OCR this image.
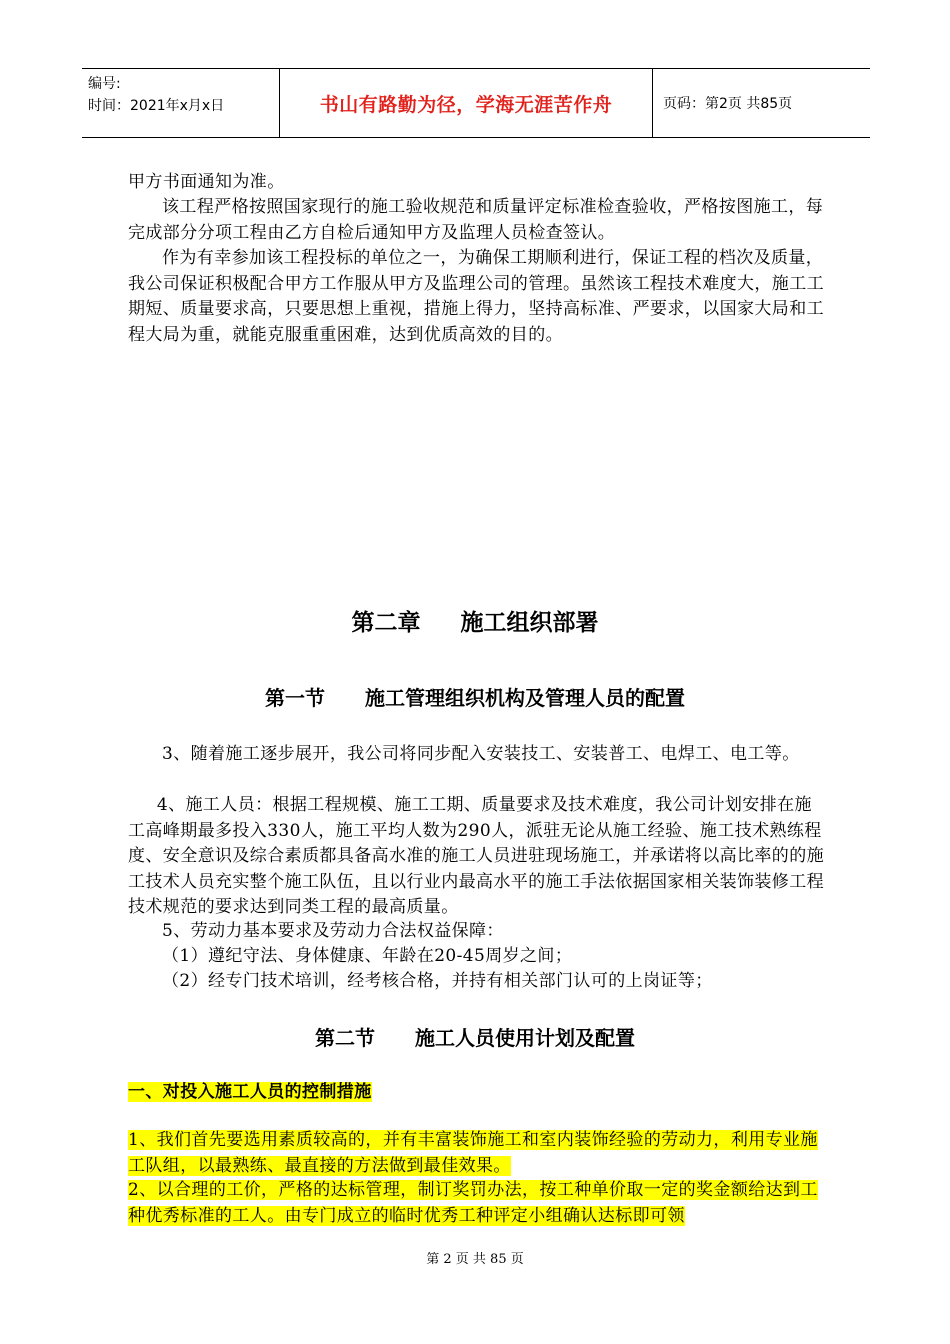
编号:
时间：2021年x月x日	书山有路勤为径，学海无涯苦作舟	页码：第2页 共85页

甲方书面通知为准。

该工程严格按照国家现行的施工验收规范和质量评定标准检查验收，严格按图施工，每完成部分分项工程由乙方自检后通知甲方及监理人员检查签认。

作为有幸参加该工程投标的单位之一，为确保工期顺利进行，保证工程的档次及质量，我公司保证积极配合甲方工作服从甲方及监理公司的管理。虽然该工程技术难度大，施工工期短、质量要求高，只要思想上重视，措施上得力，坚持高标准、严要求，以国家大局和工程大局为重，就能克服重重困难，达到优质高效的目的。

第二章 施工组织部署
第一节 施工管理组织机构及管理人员的配置

3、随着施工逐步展开，我公司将同步配入安装技工、安装普工、电焊工、电工等。

4、施工人员：根据工程规模、施工工期、质量要求及技术难度，我公司计划安排在施工高峰期最多投入330人，施工平均人数为290人，派驻无论从施工经验、施工技术熟练程度、安全意识及综合素质都具备高水准的施工人员进驻现场施工，并承诺将以高比率的的施工技术人员充实整个施工队伍，且以行业内最高水平的施工手法依据国家相关装饰装修工程技术规范的要求达到同类工程的最高质量。

5、劳动力基本要求及劳动力合法权益保障：

（1）遵纪守法、身体健康、年龄在20-45周岁之间；

（2）经专门技术培训，经考核合格，并持有相关部门认可的上岗证等；

第二节 施工人员使用计划及配置

一、对投入施工人员的控制措施

1、我们首先要选用素质较高的，并有丰富装饰施工和室内装饰经验的劳动力，利用专业施工队组，以最熟练、最直接的方法做到最佳效果。

2、以合理的工价，严格的达标管理，制订奖罚办法，按工种单价取一定的奖金额给达到工种优秀标准的工人。由专门成立的临时优秀工种评定小组确认达标即可领

第 2 页 共 85 页
